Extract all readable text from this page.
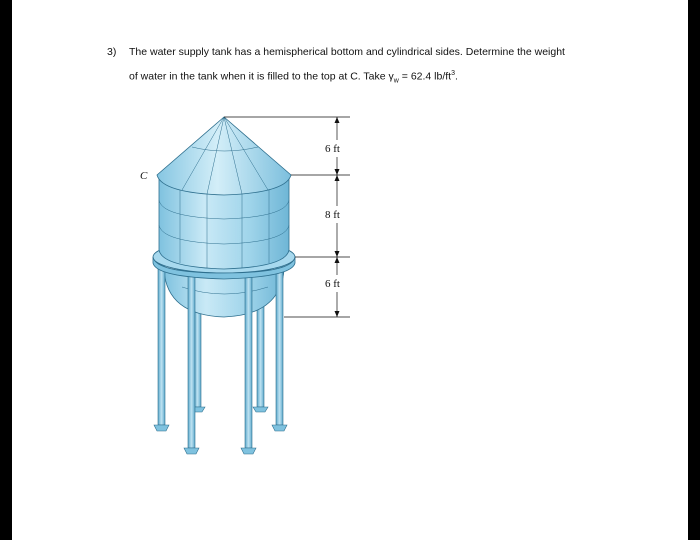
3) The water supply tank has a hemispherical bottom and cylindrical sides. Determine the weight
of water in the tank when it is filled to the top at C. Take $\gamma_w = 62.4$ $lb/ft^3$.
C
6 ft
8 ft
6 ft
